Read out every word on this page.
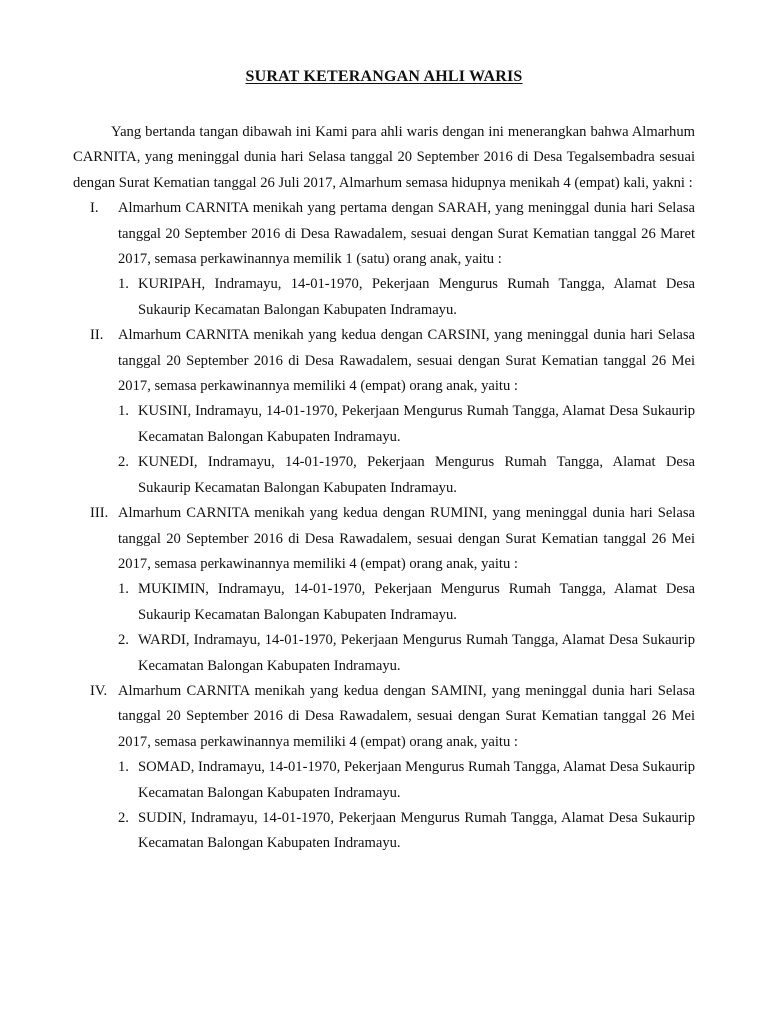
SURAT KETERANGAN AHLI WARIS

Yang bertanda tangan dibawah ini Kami para ahli waris dengan ini menerangkan bahwa Almarhum CARNITA, yang meninggal dunia hari Selasa tanggal 20 September 2016 di Desa Tegalsembadra sesuai dengan Surat Kematian tanggal 26 Juli 2017, Almarhum semasa hidupnya menikah 4 (empat) kali, yakni :

I. Almarhum CARNITA menikah yang pertama dengan SARAH, yang meninggal dunia hari Selasa tanggal 20 September 2016 di Desa Rawadalem, sesuai dengan Surat Kematian tanggal 26 Maret 2017, semasa perkawinannya memilik 1 (satu) orang anak, yaitu :

1. KURIPAH, Indramayu, 14-01-1970, Pekerjaan Mengurus Rumah Tangga, Alamat Desa Sukaurip Kecamatan Balongan Kabupaten Indramayu.
II. Almarhum CARNITA menikah yang kedua dengan CARSINI, yang meninggal dunia hari Selasa tanggal 20 September 2016 di Desa Rawadalem, sesuai dengan Surat Kematian tanggal 26 Mei 2017, semasa perkawinannya memiliki 4 (empat) orang anak, yaitu :

1. KUSINI, Indramayu, 14-01-1970, Pekerjaan Mengurus Rumah Tangga, Alamat Desa Sukaurip Kecamatan Balongan Kabupaten Indramayu.
2. KUNEDI, Indramayu, 14-01-1970, Pekerjaan Mengurus Rumah Tangga, Alamat Desa Sukaurip Kecamatan Balongan Kabupaten Indramayu.
III. Almarhum CARNITA menikah yang kedua dengan RUMINI, yang meninggal dunia hari Selasa tanggal 20 September 2016 di Desa Rawadalem, sesuai dengan Surat Kematian tanggal 26 Mei 2017, semasa perkawinannya memiliki 4 (empat) orang anak, yaitu :

1. MUKIMIN, Indramayu, 14-01-1970, Pekerjaan Mengurus Rumah Tangga, Alamat Desa Sukaurip Kecamatan Balongan Kabupaten Indramayu.
2. WARDI, Indramayu, 14-01-1970, Pekerjaan Mengurus Rumah Tangga, Alamat Desa Sukaurip Kecamatan Balongan Kabupaten Indramayu.
IV. Almarhum CARNITA menikah yang kedua dengan SAMINI, yang meninggal dunia hari Selasa tanggal 20 September 2016 di Desa Rawadalem, sesuai dengan Surat Kematian tanggal 26 Mei 2017, semasa perkawinannya memiliki 4 (empat) orang anak, yaitu :

1. SOMAD, Indramayu, 14-01-1970, Pekerjaan Mengurus Rumah Tangga, Alamat Desa Sukaurip Kecamatan Balongan Kabupaten Indramayu.
2. SUDIN, Indramayu, 14-01-1970, Pekerjaan Mengurus Rumah Tangga, Alamat Desa Sukaurip Kecamatan Balongan Kabupaten Indramayu.
